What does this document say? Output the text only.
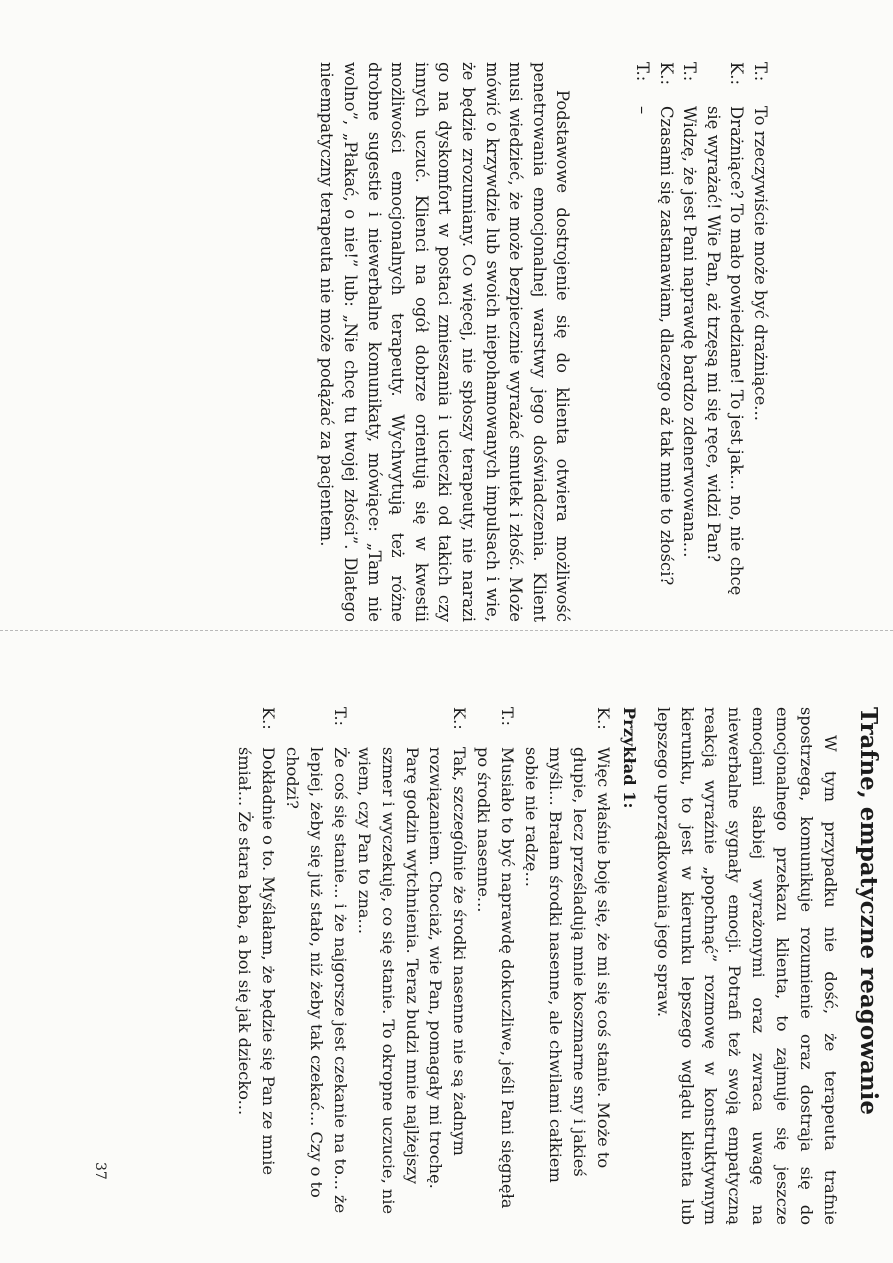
T.:
To rzeczywiście może być drażniące...
K.:
Drażniące? To mało powiedziane! To jest jak... no, nie chcę się wyrażać! Wie Pan, aż trzęsą mi się ręce, widzi Pan?
T.:
Widzę, że jest Pani naprawdę bardzo zdenerwowana...
K.:
Czasami się zastanawiam, dlaczego aż tak mnie to złości?
T.:
–

Podstawowe dostrojenie się do klienta otwiera możliwość penetrowania emocjonalnej warstwy jego doświadczenia. Klient musi wiedzieć, że może bezpiecznie wyrażać smutek i złość. Może mówić o krzywdzie lub swoich niepohamowanych impulsach i wie, że będzie zrozumiany. Co więcej, nie spłoszy terapeuty, nie narazi go na dyskomfort w postaci zmieszania i ucieczki od takich czy innych uczuć. Klienci na ogół dobrze orientują się w kwestii możliwości emocjonalnych terapeuty. Wychwytują też różne drobne sugestie i niewerbalne komunikaty, mówiące: „Tam nie wolno”, „Płakać, o nie!” lub: „Nie chcę tu twojej złości”. Dlatego nieempatyczny terapeuta nie może podążać za pacjentem.

Trafne, empatyczne reagowanie

W tym przypadku nie dość, że terapeuta trafnie spostrzega, komunikuje rozumienie oraz dostraja się do emocjonalnego przekazu klienta, to zajmuje się jeszcze emocjami słabiej wyrażonymi oraz zwraca uwagę na niewerbalne sygnały emocji. Potrafi też swoją empatyczną reakcją wyraźnie „popchnąć” rozmowę w konstruktywnym kierunku, to jest w kierunku lepszego wglądu klienta lub lepszego uporządkowania jego spraw.

Przykład 1:
K.:
Więc właśnie boję się, że mi się coś stanie. Może to głupie, lecz prześladują mnie koszmarne sny i jakieś myśli... Brałam środki nasenne, ale chwilami całkiem sobie nie radzę...
T.:
Musiało to być naprawdę dokuczliwe, jeśli Pani sięgnęła po środki nasenne...
K.:
Tak, szczególnie że środki nasenne nie są żadnym rozwiązaniem. Chociaż, wie Pan, pomagały mi trochę. Parę godzin wytchnienia. Teraz budzi mnie najlżejszy szmer i wyczekuję, co się stanie. To okropne uczucie, nie wiem, czy Pan to zna...
T.:
Że coś się stanie... i że najgorsze jest czekanie na to... że lepiej, żeby się już stało, niż żeby tak czekać... Czy o to chodzi?
K.:
Dokładnie o to. Myślałam, że będzie się Pan ze mnie śmiał... Że stara baba, a boi się jak dziecko...
37
